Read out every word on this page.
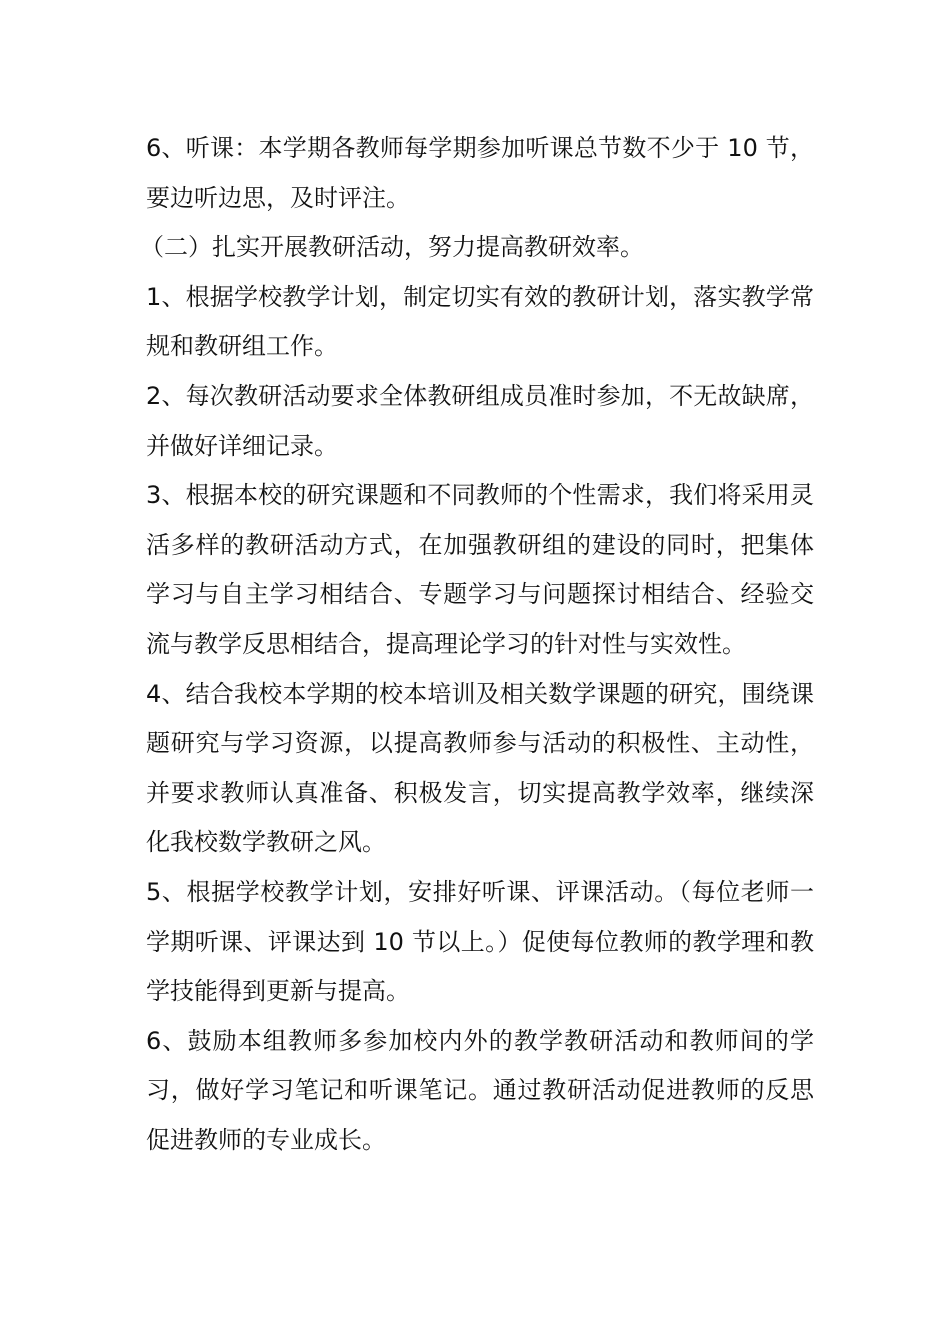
6、听课：本学期各教师每学期参加听课总节数不少于 10 节，要边听边思，及时评注。

（二）扎实开展教研活动，努力提高教研效率。

1、根据学校教学计划，制定切实有效的教研计划，落实教学常规和教研组工作。

2、每次教研活动要求全体教研组成员准时参加，不无故缺席，并做好详细记录。

3、根据本校的研究课题和不同教师的个性需求，我们将采用灵活多样的教研活动方式，在加强教研组的建设的同时，把集体学习与自主学习相结合、专题学习与问题探讨相结合、经验交流与教学反思相结合，提高理论学习的针对性与实效性。

4、结合我校本学期的校本培训及相关数学课题的研究，围绕课题研究与学习资源，以提高教师参与活动的积极性、主动性，并要求教师认真准备、积极发言，切实提高教学效率，继续深化我校数学教研之风。

5、根据学校教学计划，安排好听课、评课活动。（每位老师一学期听课、评课达到 10 节以上。）促使每位教师的教学理和教学技能得到更新与提高。

6、鼓励本组教师多参加校内外的教学教研活动和教师间的学习，做好学习笔记和听课笔记。通过教研活动促进教师的反思促进教师的专业成长。
